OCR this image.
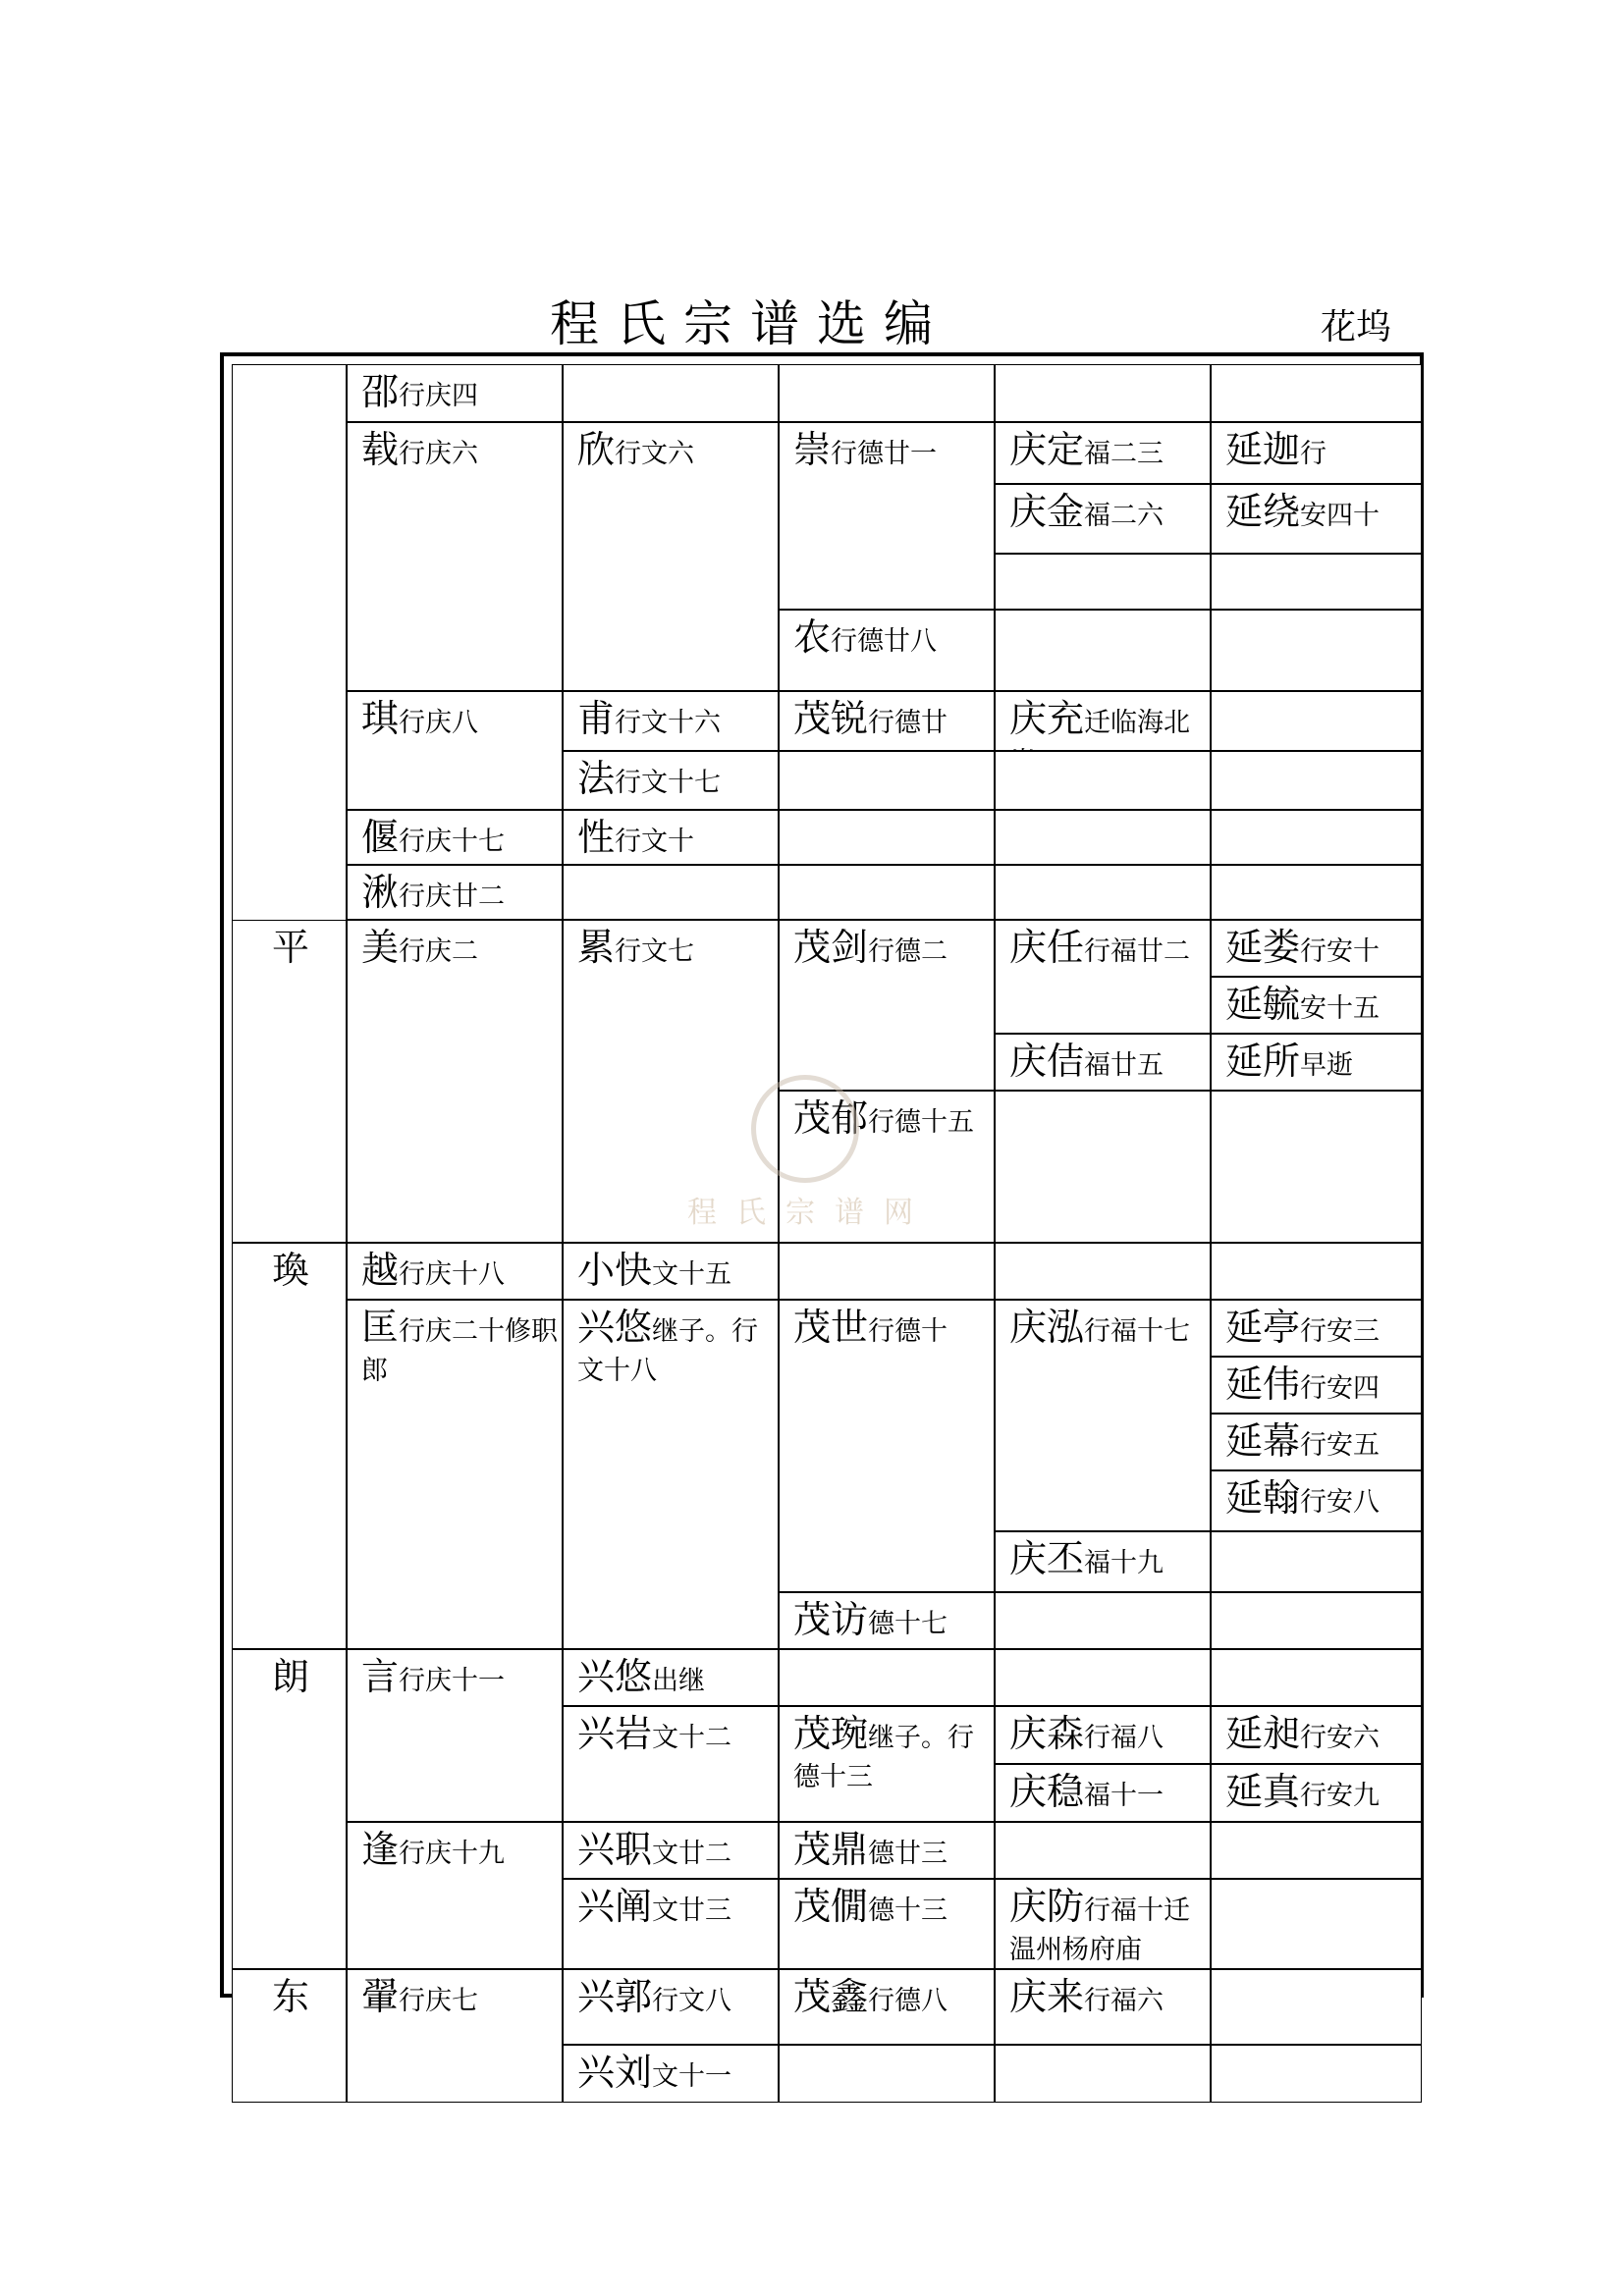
程氏宗谱选编	花坞
邵行庆四
载行庆六
琪行庆八
偃行庆十七
湫行庆廿二
美行庆二
越行庆十八
匡行庆二十修职郎
言行庆十一
逢行庆十九
翬行庆七
欣行文六
甫行文十六
法行文十七
性行文十
累行文七
小快文十五
兴悠继子。行文十八
兴悠出继
兴岩文十二
兴职文廿二
兴阐文廿三
兴郭行文八
兴刘文十一
崇行德廿一
农行德廿八
茂锐行德廿
茂剑行德二
茂郁行德十五
茂世行德十
茂访德十七
茂琬继子。行德十三
茂鼎德廿三
茂僩德十三
茂鑫行德八
庆定福二三
庆金福二六
庆充迁临海北
庆任行福廿二
庆佶福廿五
庆泓行福十七
庆丕福十九
庆森行福八
庆稳福十一
庆防行福十迁温州杨府庙
庆来行福六
延迦行
延绕安四十
延娄行安十
延毓安十五
延所早逝
延亭行安三
延伟行安四
延幕行安五
延翰行安八
延昶行安六
延真行安九
平
瑍
朗
东
程氏宗谱网
